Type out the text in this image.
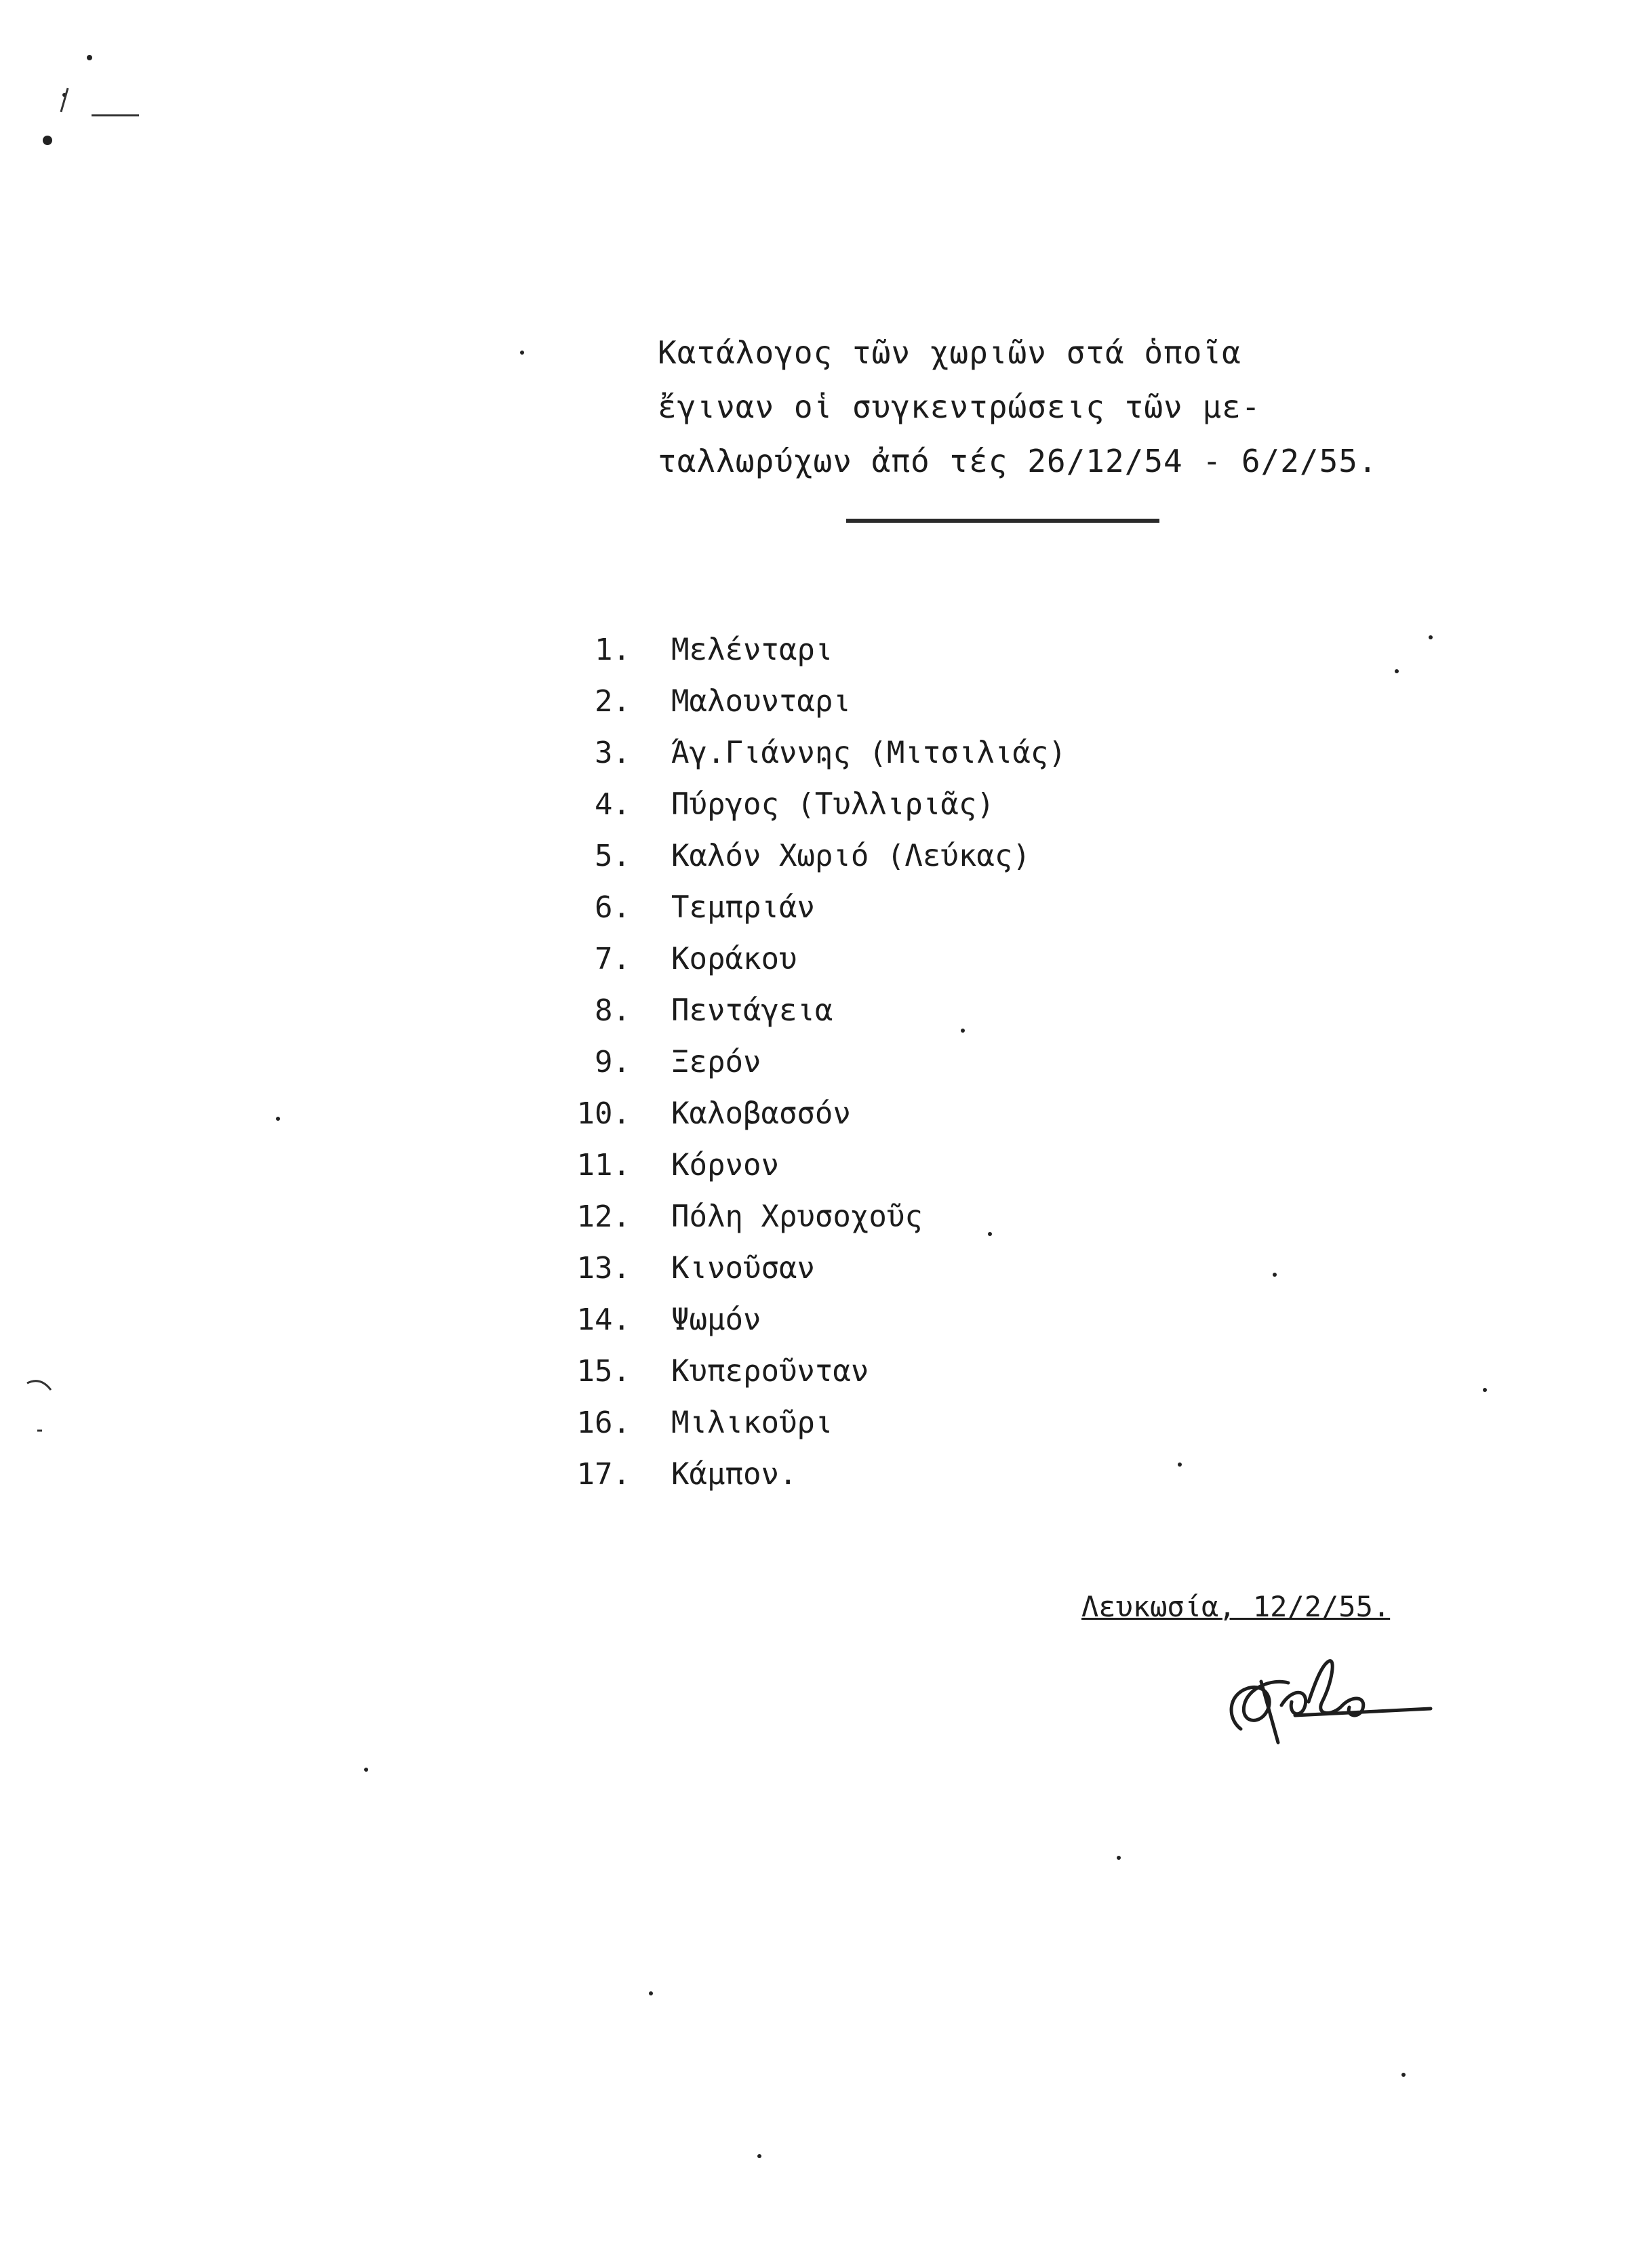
Κατάλογος τῶν χωριῶν στά ὁποῖα
ἔγιναν οἱ συγκεντρώσεις τῶν με-
ταλλωρύχων ἀπό τές 26/12/54 - 6/2/55.
1. Μελένταρι
2. Μαλουνταρι
3. Άγ.Γιάννης (Μιτσιλιάς)
4. Πύργος (Τυλλιριᾶς)
5. Καλόν Χωριό (Λεύκας)
6. Τεμπριάν
7. Κοράκου
8. Πεντάγεια
9. Ξερόν
10. Καλοβασσόν
11. Κόρνον
12. Πόλη Χρυσοχοῦς
13. Κινοῦσαν
14. Ψωμόν
15. Κυπεροῦνταν
16. Μιλικοῦρι
17. Κάμπον.
Λευκωσία, 12/2/55.
